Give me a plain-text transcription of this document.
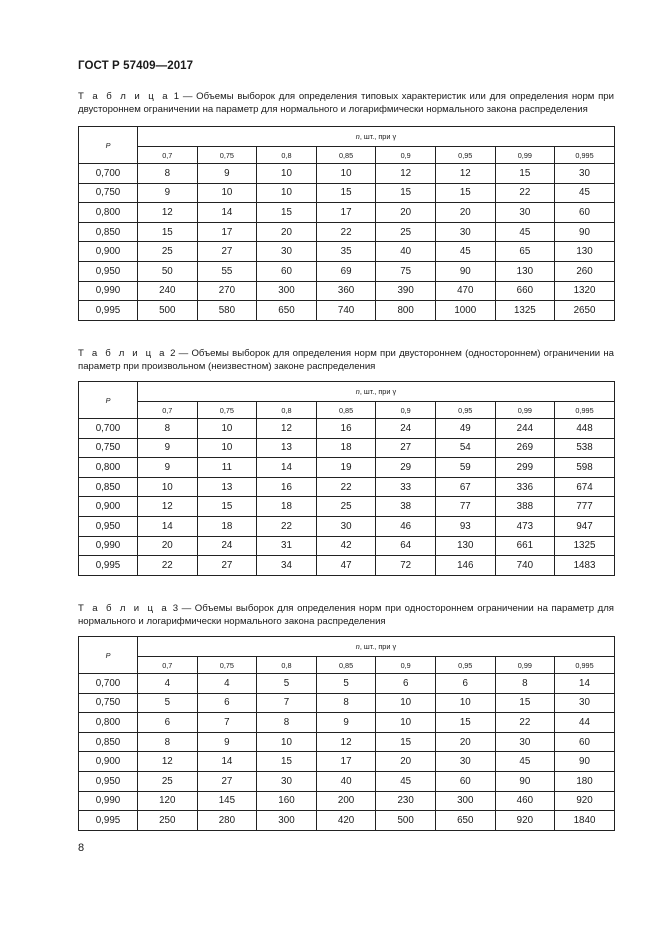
ГОСТ Р 57409—2017
Т а б л и ц а 1 — Объемы выборок для определения типовых характеристик или для определения норм при двустороннем ограничении на параметр для нормального и логарифмически нормального закона распределения
P	n, шт., при γ							
	0,7	0,75	0,8	0,85	0,9	0,95	0,99	0,995
0,700	8	9	10	10	12	12	15	30
0,750	9	10	10	15	15	15	22	45
0,800	12	14	15	17	20	20	30	60
0,850	15	17	20	22	25	30	45	90
0,900	25	27	30	35	40	45	65	130
0,950	50	55	60	69	75	90	130	260
0,990	240	270	300	360	390	470	660	1320
0,995	500	580	650	740	800	1000	1325	2650
Т а б л и ц а 2 — Объемы выборок для определения норм при двустороннем (одностороннем) ограничении на параметр при произвольном (неизвестном) законе распределения
P	n, шт., при γ							
	0,7	0,75	0,8	0,85	0,9	0,95	0,99	0,995
0,700	8	10	12	16	24	49	244	448
0,750	9	10	13	18	27	54	269	538
0,800	9	11	14	19	29	59	299	598
0,850	10	13	16	22	33	67	336	674
0,900	12	15	18	25	38	77	388	777
0,950	14	18	22	30	46	93	473	947
0,990	20	24	31	42	64	130	661	1325
0,995	22	27	34	47	72	146	740	1483
Т а б л и ц а 3 — Объемы выборок для определения норм при одностороннем ограничении на параметр для нормального и логарифмически нормального закона распределения
P	n, шт., при γ							
	0,7	0,75	0,8	0,85	0,9	0,95	0,99	0,995
0,700	4	4	5	5	6	6	8	14
0,750	5	6	7	8	10	10	15	30
0,800	6	7	8	9	10	15	22	44
0,850	8	9	10	12	15	20	30	60
0,900	12	14	15	17	20	30	45	90
0,950	25	27	30	40	45	60	90	180
0,990	120	145	160	200	230	300	460	920
0,995	250	280	300	420	500	650	920	1840
8
